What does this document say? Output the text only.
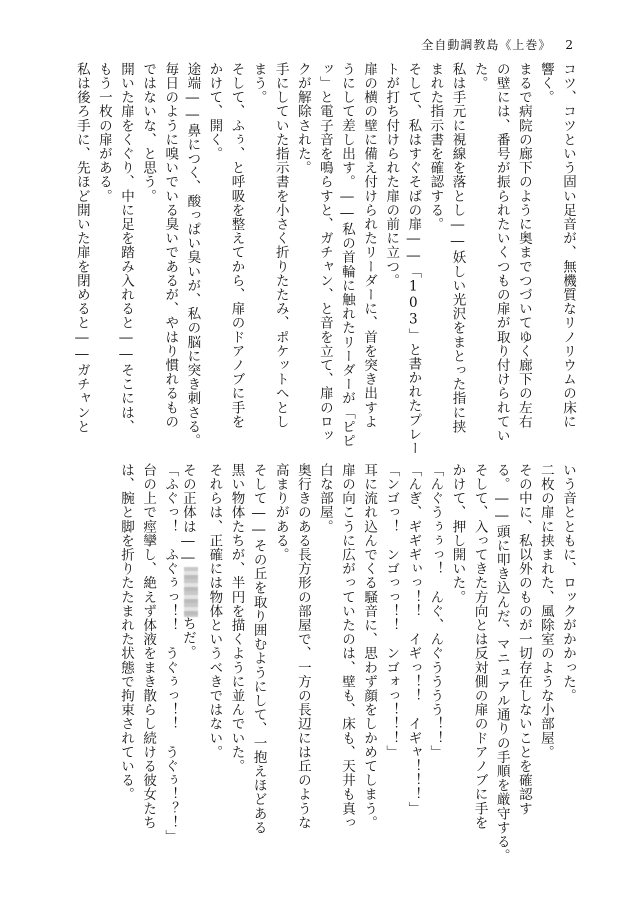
全自動調教島《上巻》 2
コツ、コツという固い足音が、無機質なリノリウムの床に
響く。
まるで病院の廊下のように奥までつづいてゆく廊下の左右
の壁には、番号が振られたいくつもの扉が取り付けられてい
た。
私は手元に視線を落とし――妖しい光沢をまとった指に挟
まれた指示書を確認する。
そして、私はすぐそばの扉――「103」と書かれたプレー
トが打ち付けられた扉の前に立つ。
扉の横の壁に備え付けられたリーダーに、首を突き出すよ
うにして差し出す。――私の首輪に触れたリーダーが「ピピ
ッ」と電子音を鳴らすと、ガチャン、と音を立て、扉のロッ
クが解除された。
手にしていた指示書を小さく折りたたみ、ポケットへとし
まう。
そして、ふぅ、と呼吸を整えてから、扉のドアノブに手を
かけて、開く。
途端――鼻につく、酸っぱい臭いが、私の脳に突き刺さる。
毎日のように嗅いでいる臭いであるが、やはり慣れるもの
ではないな、と思う。
開いた扉をくぐり、中に足を踏み入れると――そこには、
もう一枚の扉がある。
私は後ろ手に、先ほど開いた扉を閉めると――ガチャンと
いう音とともに、ロックがかかった。
二枚の扉に挟まれた、風除室のような小部屋。
その中に、私以外のものが一切存在しないことを確認す
る。――頭に叩き込んだ、マニュアル通りの手順を厳守する。
そして、入ってきた方向とは反対側の扉のドアノブに手を
かけて、押し開いた。
「んぐうぅぅっ！　んぐ、んぐうううう！！」
「んぎ、ギギギぃっ！！　イギっ！！　イギャ！！！」
「ンゴっ！　ンゴっっ！！　ンゴォっ！！！」
耳に流れ込んでくる騒音に、思わず顔をしかめてしまう。
扉の向こうに広がっていたのは、壁も、床も、天井も真っ
白な部屋。
奥行きのある長方形の部屋で、一方の長辺には丘のような
高まりがある。
そして――その丘を取り囲むようにして、一抱えほどある
黒い物体たちが、半円を描くように並んでいた。
それらは、正確には物体というべきではない。
その正体は――ちだ。
「ふぐっ！　ふぐぅっ！！　うぐぅっ！！　うぐぅ！？！」
台の上で痙攣し、絶えず体液をまき散らし続ける彼女たち
は、腕と脚を折りたたまれた状態で拘束されている。
